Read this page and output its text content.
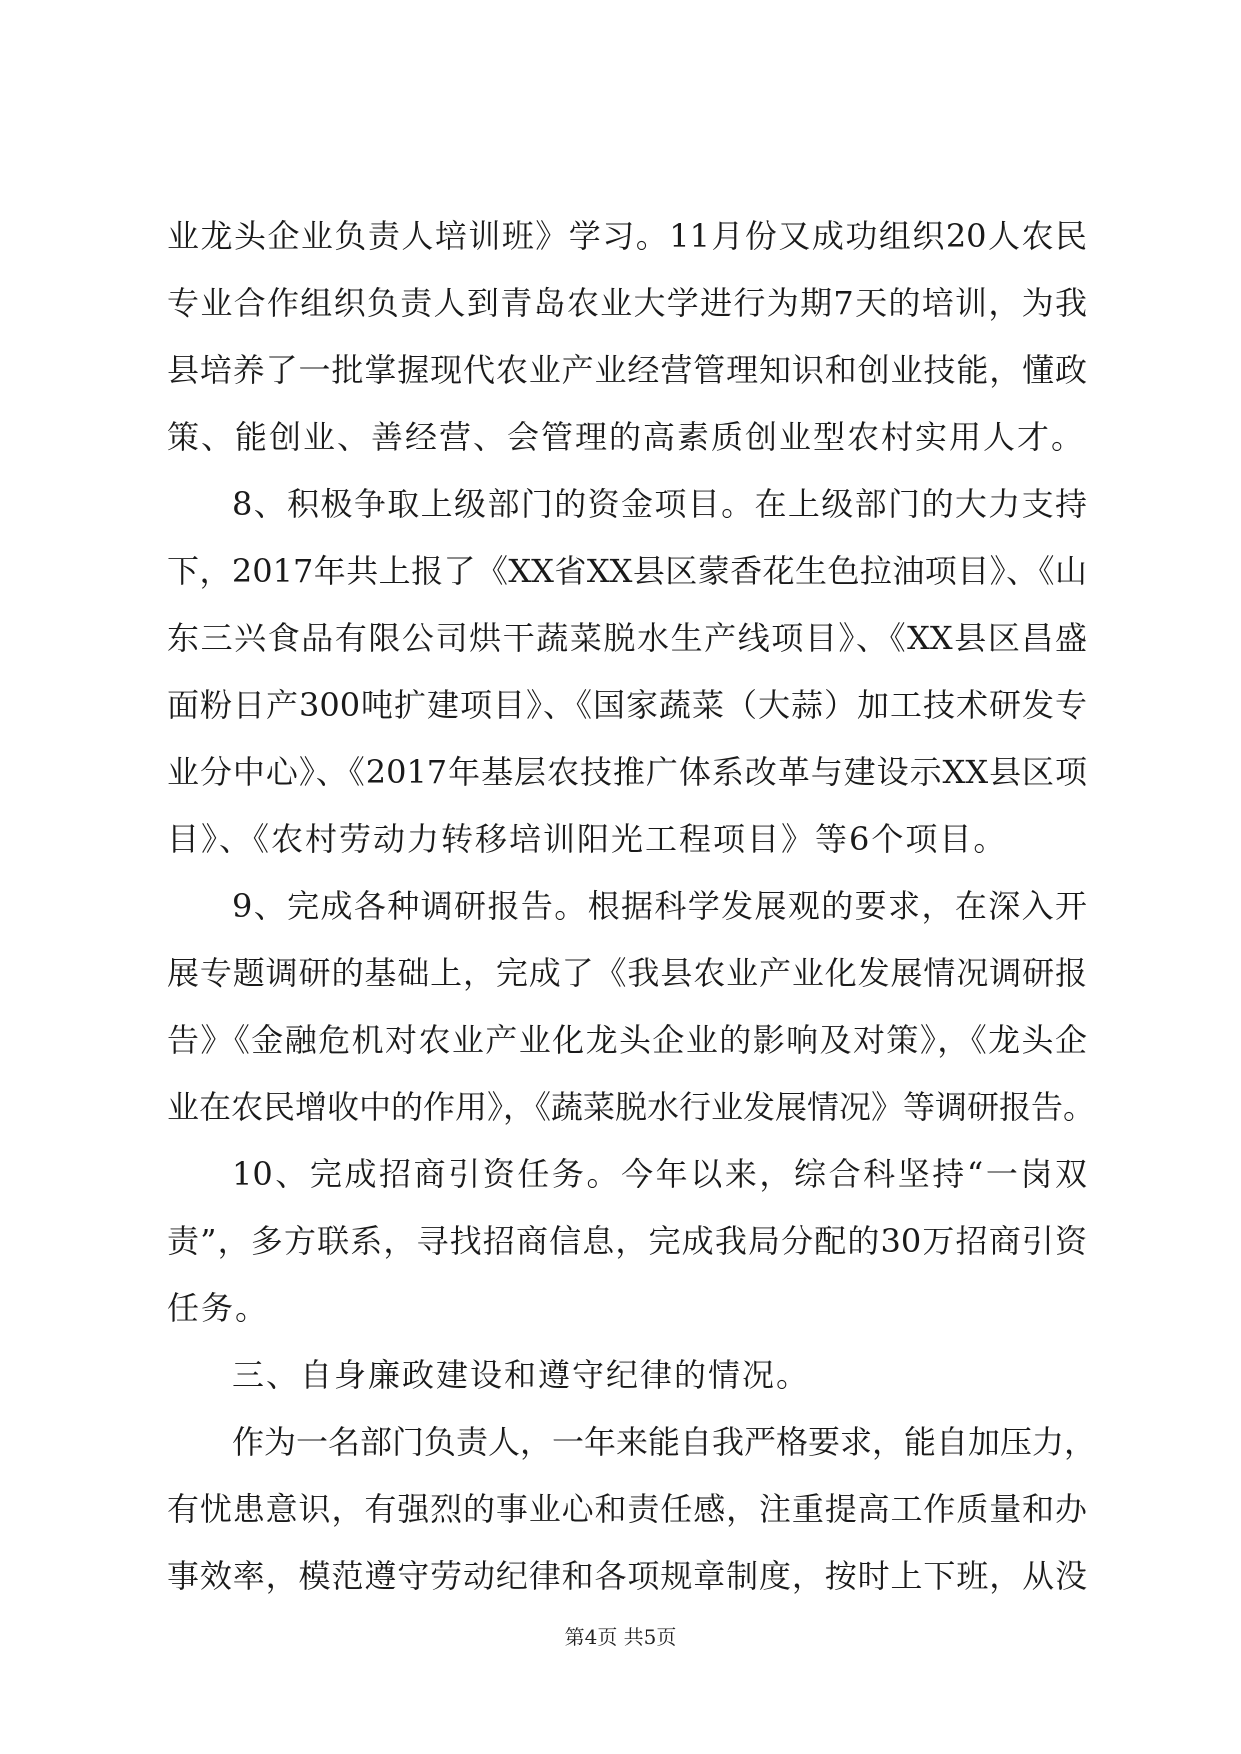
业龙头企业负责人培训班》学习。11月份又成功组织20人农民
专业合作组织负责人到青岛农业大学进行为期7天的培训，为我
县培养了一批掌握现代农业产业经营管理知识和创业技能，懂政
策、能创业、善经营、会管理的高素质创业型农村实用人才。
8、积极争取上级部门的资金项目。在上级部门的大力支持
下，2017年共上报了《XX省XX县区蒙香花生色拉油项目》、《山
东三兴食品有限公司烘干蔬菜脱水生产线项目》、《XX县区昌盛
面粉日产300吨扩建项目》、《国家蔬菜（大蒜）加工技术研发专
业分中心》、《2017年基层农技推广体系改革与建设示XX县区项
目》、《农村劳动力转移培训阳光工程项目》等6个项目。
9、完成各种调研报告。根据科学发展观的要求，在深入开
展专题调研的基础上，完成了《我县农业产业化发展情况调研报
告》《金融危机对农业产业化龙头企业的影响及对策》，《龙头企
业在农民增收中的作用》，《蔬菜脱水行业发展情况》等调研报告。
10、完成招商引资任务。今年以来，综合科坚持“一岗双
责”，多方联系，寻找招商信息，完成我局分配的30万招商引资
任务。
三、自身廉政建设和遵守纪律的情况。
作为一名部门负责人，一年来能自我严格要求，能自加压力，
有忧患意识，有强烈的事业心和责任感，注重提高工作质量和办
事效率，模范遵守劳动纪律和各项规章制度，按时上下班，从没
第4页 共5页
